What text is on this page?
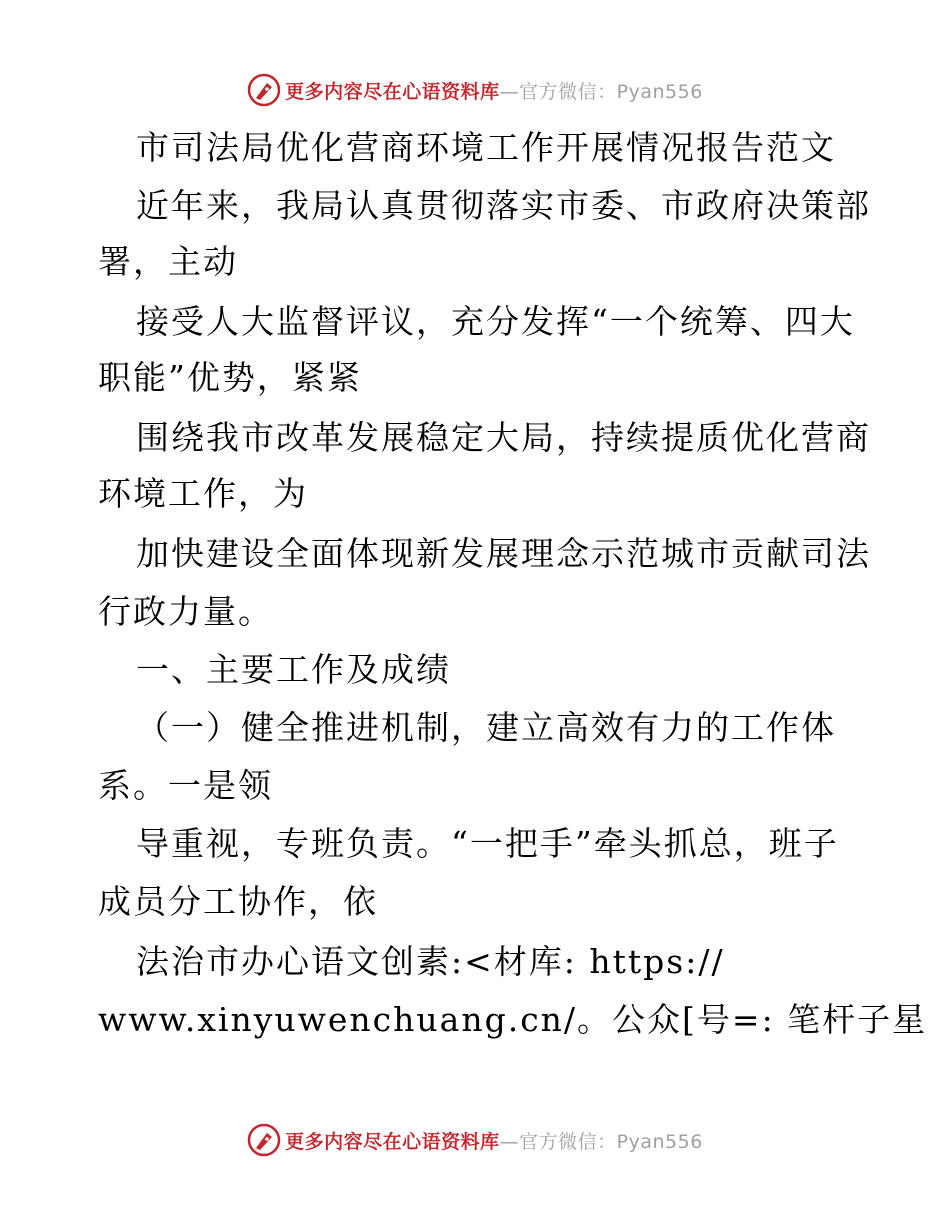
更多内容尽在心语资料库—官方微信：Pyan556
市司法局优化营商环境工作开展情况报告范文
近年来，我局认真贯彻落实市委、市政府决策部
署，主动
接受人大监督评议，充分发挥“一个统筹、四大
职能”优势，紧紧
围绕我市改革发展稳定大局，持续提质优化营商
环境工作，为
加快建设全面体现新发展理念示范城市贡献司法
行政力量。
一、主要工作及成绩
（一）健全推进机制，建立高效有力的工作体
系。一是领
导重视，专班负责。“一把手”牵头抓总，班子
成员分工协作，依
法治市办心语文创素:<材库: https://
www.xinyuwenchuang.cn/。公众[号=: 笔杆子星
更多内容尽在心语资料库—官方微信：Pyan556
